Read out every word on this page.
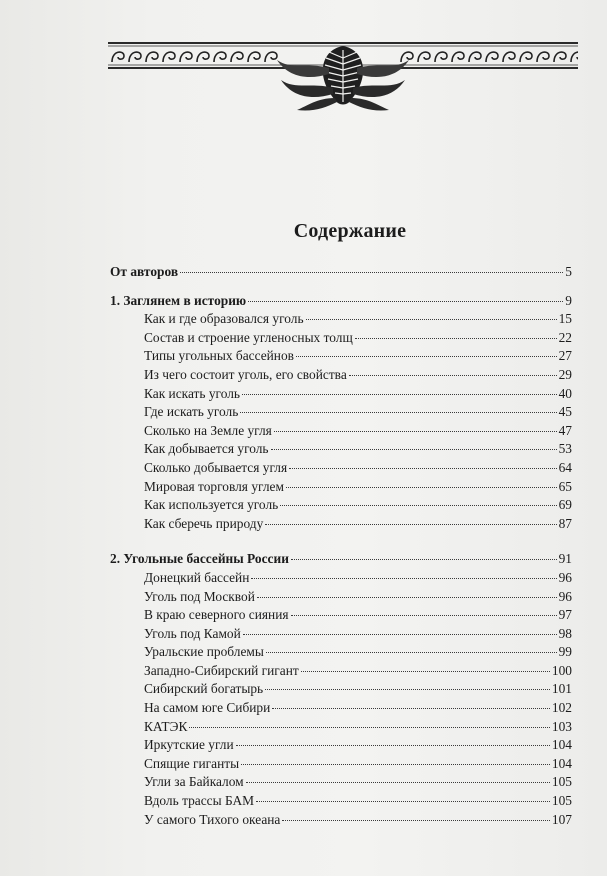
Содержание
От авторов	5
1. Заглянем в историю	9
Как и где образовался уголь	15
Состав и строение угленосных толщ	22
Типы угольных бассейнов	27
Из чего состоит уголь, его свойства	29
Как искать уголь	40
Где искать уголь	45
Сколько на Земле угля	47
Как добывается уголь	53
Сколько добывается угля	64
Мировая торговля углем	65
Как используется уголь	69
Как сберечь природу	87
2. Угольные бассейны России	91
Донецкий бассейн	96
Уголь под Москвой	96
В краю северного сияния	97
Уголь под Камой	98
Уральские проблемы	99
Западно-Сибирский гигант	100
Сибирский богатырь	101
На самом юге Сибири	102
КАТЭК	103
Иркутские угли	104
Спящие гиганты	104
Угли за Байкалом	105
Вдоль трассы БАМ	105
У самого Тихого океана	107
